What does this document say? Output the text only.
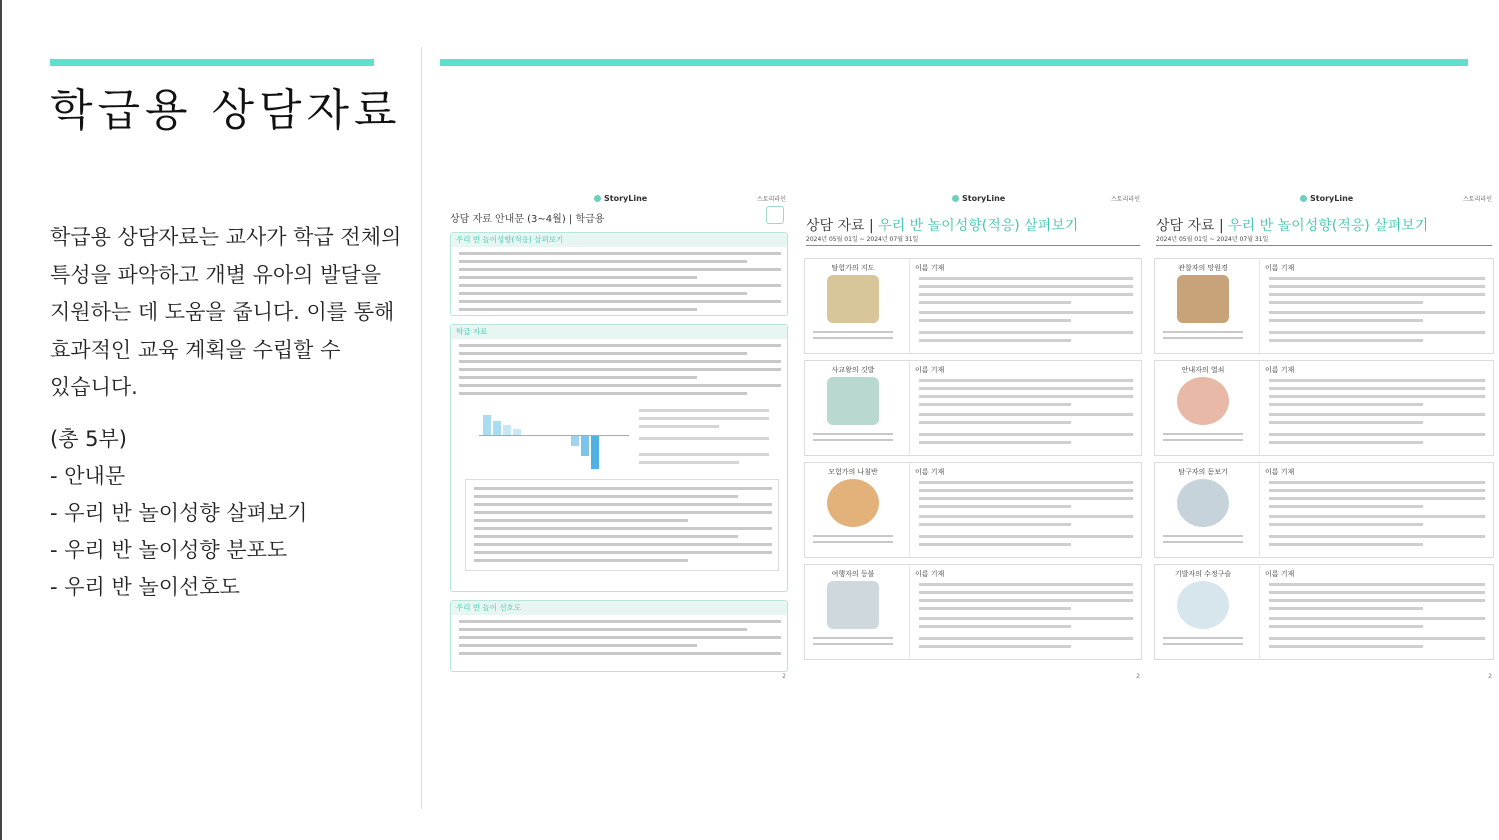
학급용 상담자료
학급용 상담자료는 교사가 학급 전체의
특성을 파악하고 개별 유아의 발달을
지원하는 데 도움을 줍니다. 이를 통해
효과적인 교육 계획을 수립할 수
있습니다.
(총 5부)
- 안내문
- 우리 반 놀이성향 살펴보기
- 우리 반 놀이성향 분포도
- 우리 반 놀이선호도
StoryLine	스토리라인
상담 자료 안내문 (3~4월) | 학급용
우리 반 놀이성향(적응) 살펴보기
학급 자료
우리 반 놀이 선호도
2
StoryLine	스토리라인
상담 자료 | 우리 반 놀이성향(적응) 살펴보기
2024년 05월 01일 ~ 2024년 07월 31일
탐험가의 지도	이름 기재
사교왕의 깃발	이름 기재
모험가의 나침반	이름 기재
여행자의 등불	이름 기재
2
StoryLine	스토리라인
상담 자료 | 우리 반 놀이성향(적응) 살펴보기
2024년 05월 01일 ~ 2024년 07월 31일
관찰자의 망원경	이름 기재
안내자의 열쇠	이름 기재
탐구자의 돋보기	이름 기재
기발자의 수정구슬	이름 기재
2
